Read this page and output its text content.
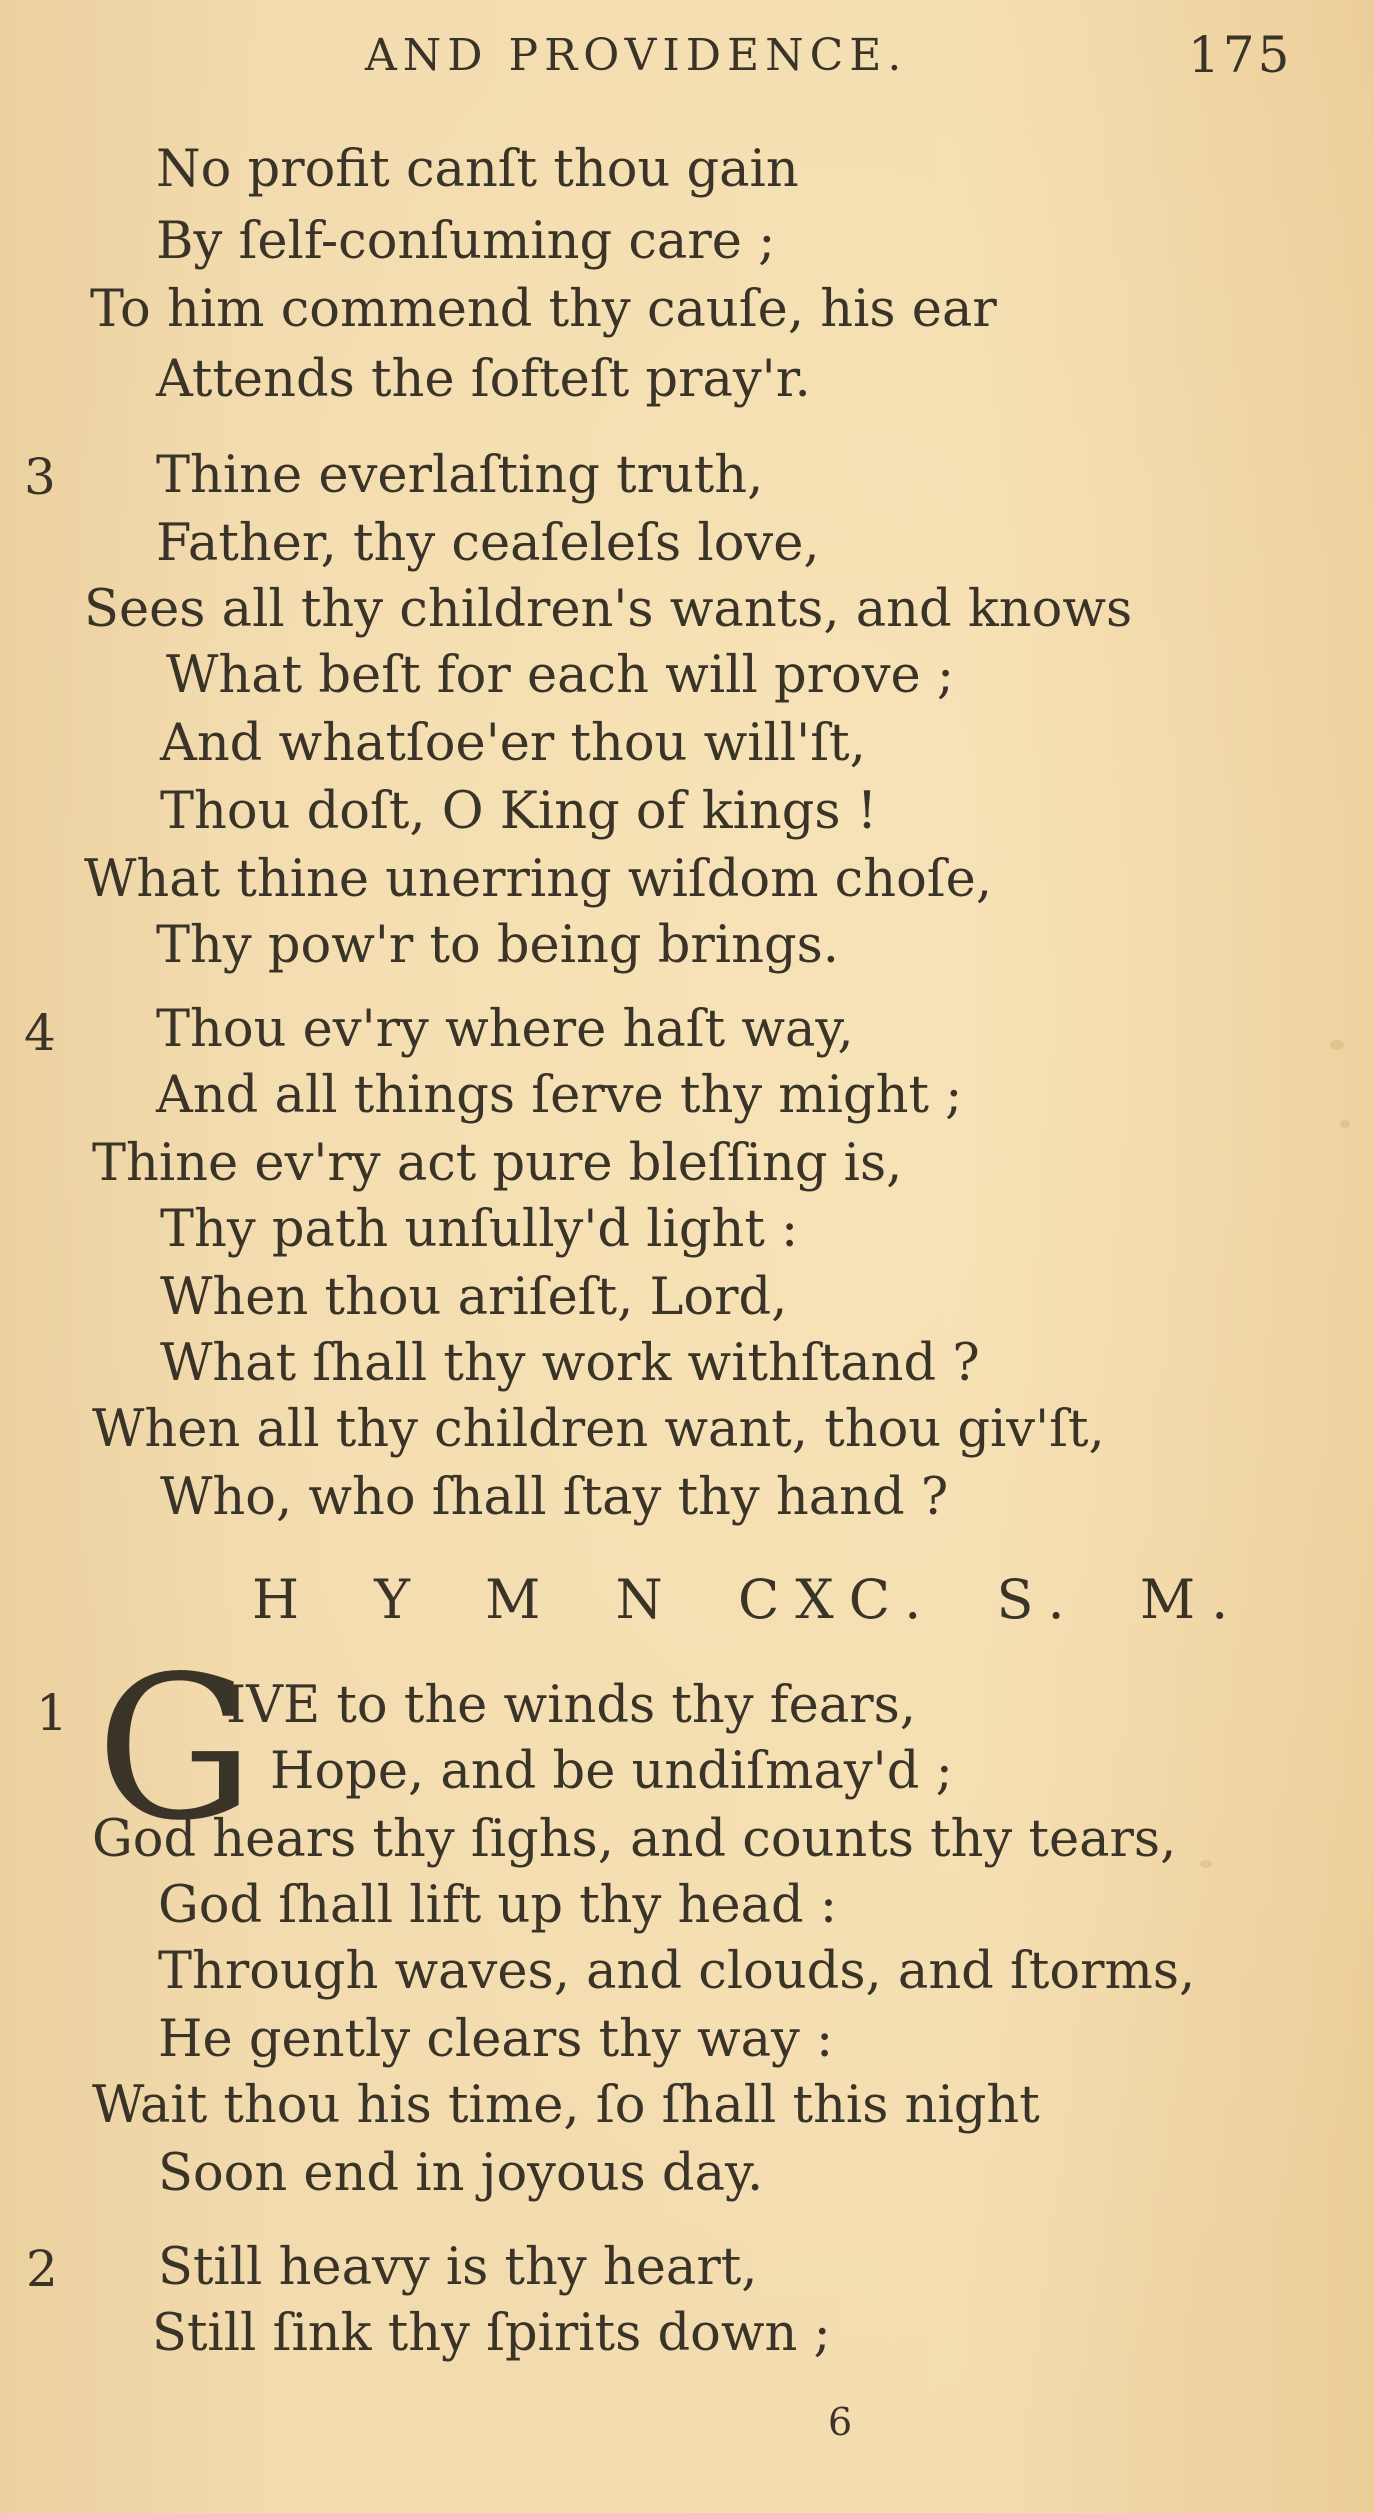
AND PROVIDENCE.	175
No profit canſt thou gain
By ſelf-conſuming care ;
To him commend thy cauſe, his ear
Attends the ſofteſt pray'r.
3 Thine everlaſting truth,
Father, thy ceaſeleſs love,
Sees all thy children's wants, and knows
What beſt for each will prove ;
And whatſoe'er thou will'ſt,
Thou doſt, O King of kings !
What thine unerring wiſdom choſe,
Thy pow'r to being brings.
4 Thou ev'ry where haſt way,
And all things ſerve thy might ;
Thine ev'ry act pure bleſſing is,
Thy path unſully'd light :
When thou ariſeſt, Lord,
What ſhall thy work withſtand ?
When all thy children want, thou giv'ſt,
Who, who ſhall ſtay thy hand ?
H Y M N CXC. S. M.
1 G
IVE to the winds thy fears,
Hope, and be undiſmay'd ;
God hears thy ſighs, and counts thy tears,
God ſhall lift up thy head :
Through waves, and clouds, and ſtorms,
He gently clears thy way :
Wait thou his time, ſo ſhall this night
Soon end in joyous day.
2 Still heavy is thy heart,
Still ſink thy ſpirits down ;
6
